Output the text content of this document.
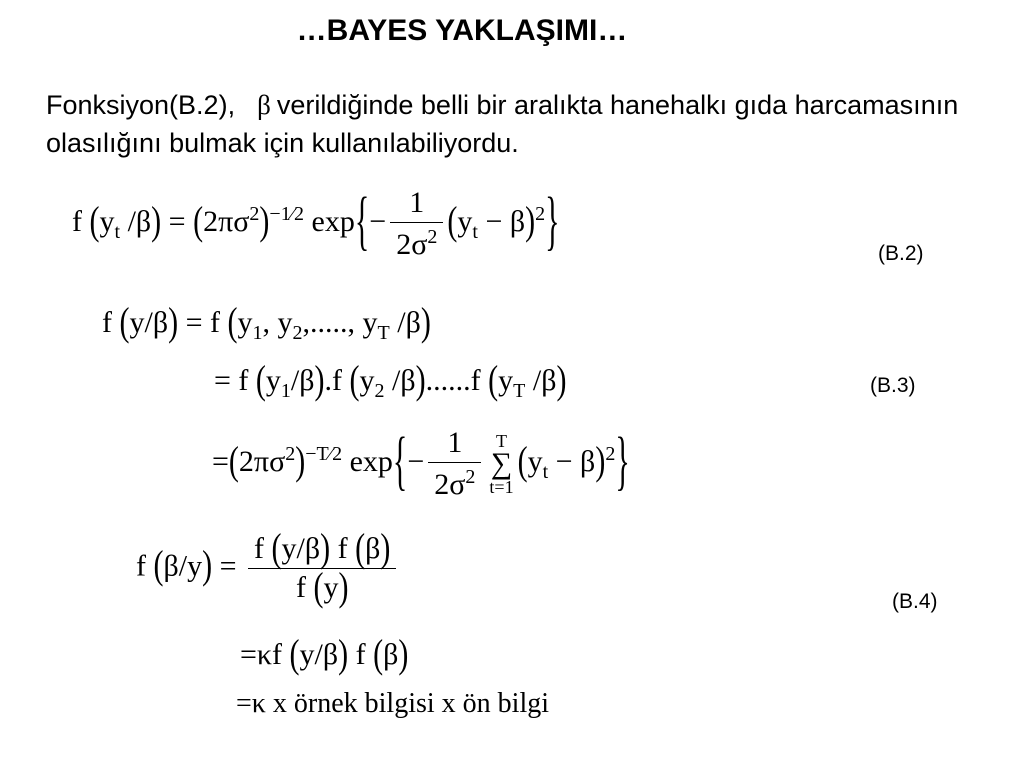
…BAYES YAKLAŞIMI…
Fonksiyon(B.2), β verildiğinde belli bir aralıkta hanehalkı gıda harcamasının olasılığını bulmak için kullanılabiliyordu.
f ($y_t$ $/\beta) = (2\pi\sigma^2)^{-1⁄2}$ $\exp\{- \frac{1}{2\sigma^2} (y_t - \beta)^2\}$	(B.2)
f (y/β) = f ($y_1$, $y_2$,....., $y_T$ /β)
= f $(y_1/\beta).f$ ($y_2$ /β)......f ($y_T$ /β)	(B.3)
$=(2\pi\sigma^2)^{-T⁄2}$ $\exp\{- \frac{1}{2\sigma^2}$ T
∑
t=1
$(y_t - \beta)^2$}
f $(\beta/y) = \frac{f (y/\beta) f (\beta)}{f (y)}$	(B.4)
=κf (y/β) f (β)
=κ x örnek bilgisi x ön bilgi
